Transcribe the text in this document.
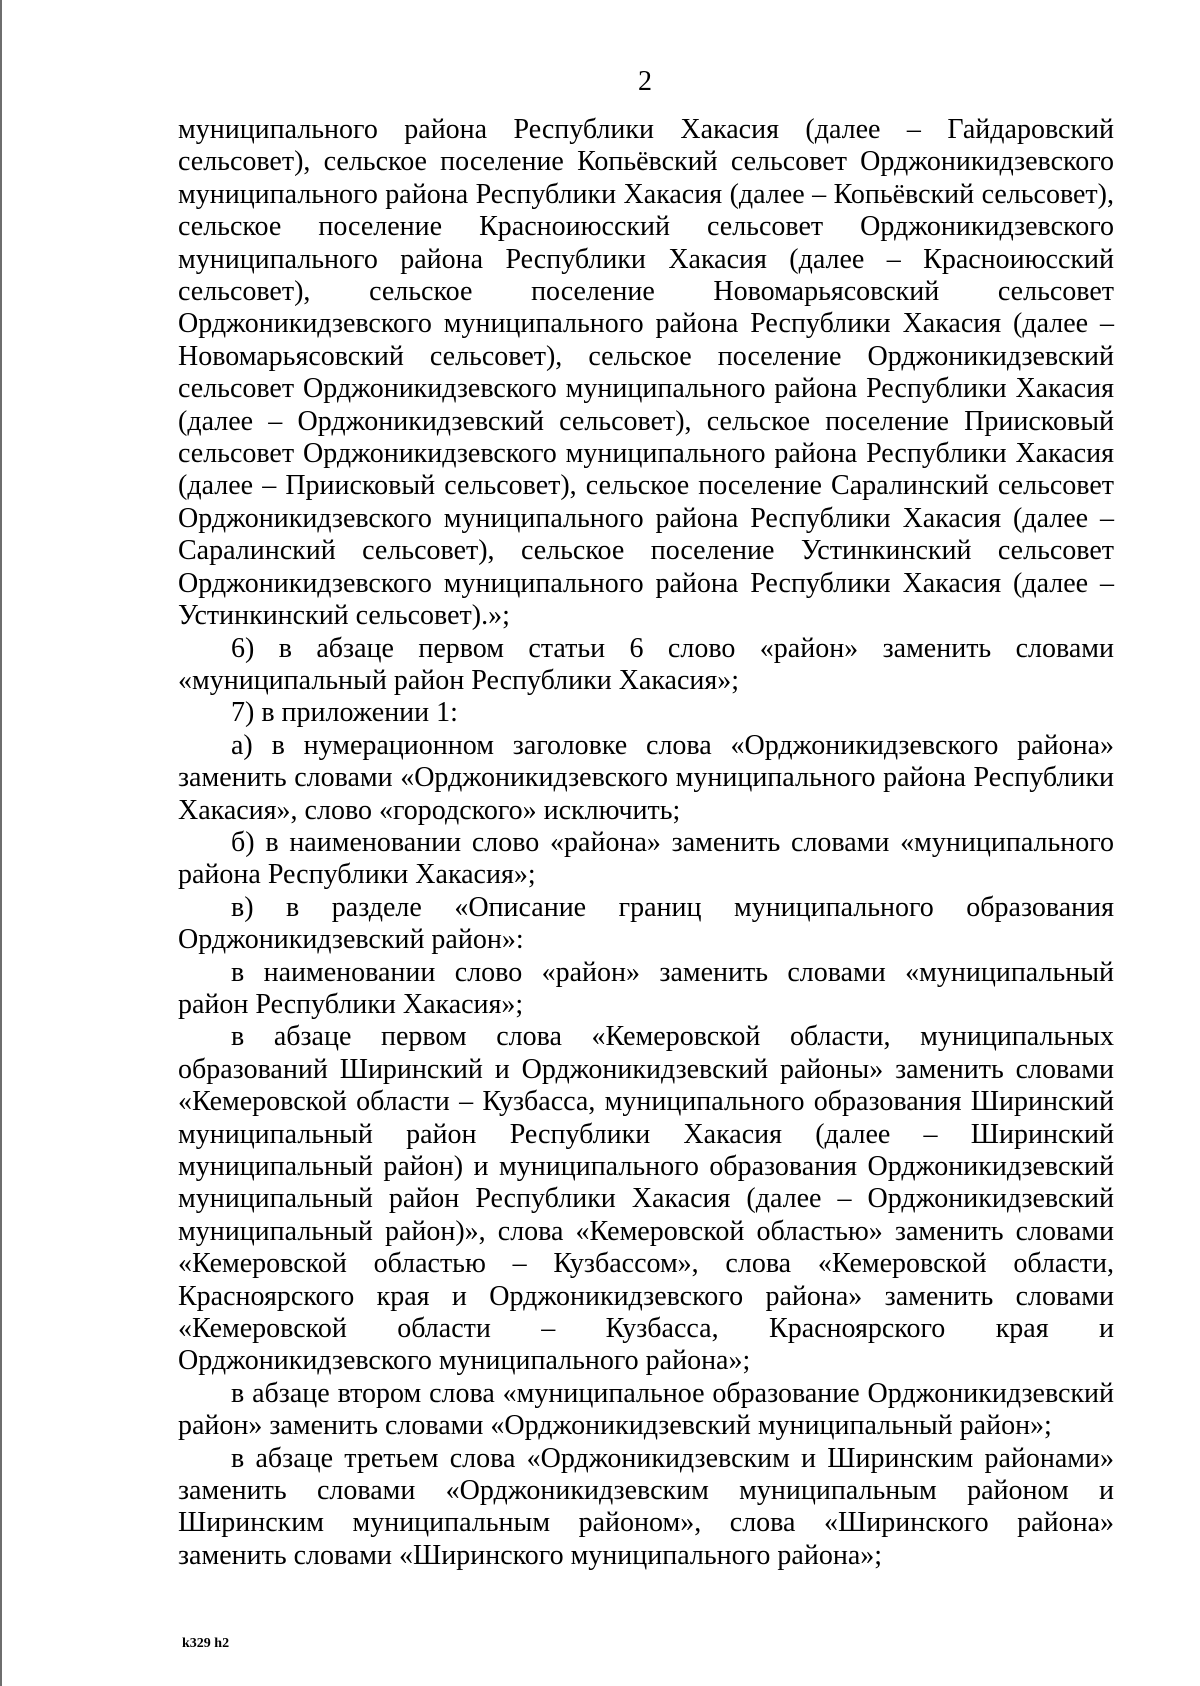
2

муниципального района Республики Хакасия (далее – Гайдаровский сельсовет), сельское поселение Копьёвский сельсовет Орджоникидзевского муниципального района Республики Хакасия (далее – Копьёвский сельсовет), сельское поселение Красноиюсский сельсовет Орджоникидзевского муниципального района Республики Хакасия (далее – Красноиюсский сельсовет), сельское поселение Новомарьясовский сельсовет Орджоникидзевского муниципального района Республики Хакасия (далее – Новомарьясовский сельсовет), сельское поселение Орджоникидзевский сельсовет Орджоникидзевского муниципального района Республики Хакасия (далее – Орджоникидзевский сельсовет), сельское поселение Приисковый сельсовет Орджоникидзевского муниципального района Республики Хакасия (далее – Приисковый сельсовет), сельское поселение Саралинский сельсовет Орджоникидзевского муниципального района Республики Хакасия (далее – Саралинский сельсовет), сельское поселение Устинкинский сельсовет Орджоникидзевского муниципального района Республики Хакасия (далее – Устинкинский сельсовет).»;

6) в абзаце первом статьи 6 слово «район» заменить словами «муниципальный район Республики Хакасия»;

7) в приложении 1:

а) в нумерационном заголовке слова «Орджоникидзевского района» заменить словами «Орджоникидзевского муниципального района Республики Хакасия», слово «городского» исключить;

б) в наименовании слово «района» заменить словами «муниципального района Республики Хакасия»;

в) в разделе «Описание границ муниципального образования Орджоникидзевский район»:

в наименовании слово «район» заменить словами «муниципальный район Республики Хакасия»;

в абзаце первом слова «Кемеровской области, муниципальных образований Ширинский и Орджоникидзевский районы» заменить словами «Кемеровской области – Кузбасса, муниципального образования Ширинский муниципальный район Республики Хакасия (далее – Ширинский муниципальный район) и муниципального образования Орджоникидзевский муниципальный район Республики Хакасия (далее – Орджоникидзевский муниципальный район)», слова «Кемеровской областью» заменить словами «Кемеровской областью – Кузбассом», слова «Кемеровской области, Красноярского края и Орджоникидзевского района» заменить словами «Кемеровской области – Кузбасса, Красноярского края и Орджоникидзевского муниципального района»;

в абзаце втором слова «муниципальное образование Орджоникидзевский район» заменить словами «Орджоникидзевский муниципальный район»;

в абзаце третьем слова «Орджоникидзевским и Ширинским районами» заменить словами «Орджоникидзевским муниципальным районом и Ширинским муниципальным районом», слова «Ширинского района» заменить словами «Ширинского муниципального района»;

k329 h2
